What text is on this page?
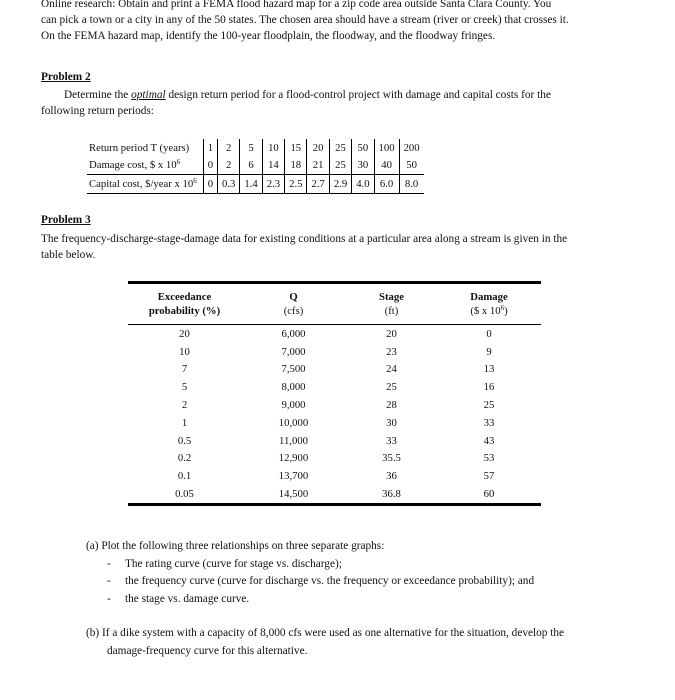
Online research: Obtain and print a FEMA flood hazard map for a zip code area outside Santa Clara County. You
can pick a town or a city in any of the 50 states. The chosen area should have a stream (river or creek) that crosses it.
On the FEMA hazard map, identify the 100-year floodplain, the floodway, and the floodway fringes.
Problem 2
Determine the optimal design return period for a flood-control project with damage and capital costs for the
following return periods:
Return period T (years)	1	2	5	10	15	20	25	50	100	200
Damage cost, $ x $10^6$	0	2	6	14	18	21	25	30	40	50
Capital cost, $/year x $10^6$	0	0.3	1.4	2.3	2.5	2.7	2.9	4.0	6.0	8.0
Problem 3
The frequency-discharge-stage-damage data for existing conditions at a particular area along a stream is given in the
table below.
Exceedance	Q	Stage	Damage
probability (%)	(cfs)	(ft)	($ x $10^6$)
20	6,000	20	0
10	7,000	23	9
7	7,500	24	13
5	8,000	25	16
2	9,000	28	25
1	10,000	30	33
0.5	11,000	33	43
0.2	12,900	35.5	53
0.1	13,700	36	57
0.05	14,500	36.8	60
(a) Plot the following three relationships on three separate graphs:
- The rating curve (curve for stage vs. discharge);
- the frequency curve (curve for discharge vs. the frequency or exceedance probability); and
- the stage vs. damage curve.
(b) If a dike system with a capacity of 8,000 cfs were used as one alternative for the situation, develop the
damage-frequency curve for this alternative.
